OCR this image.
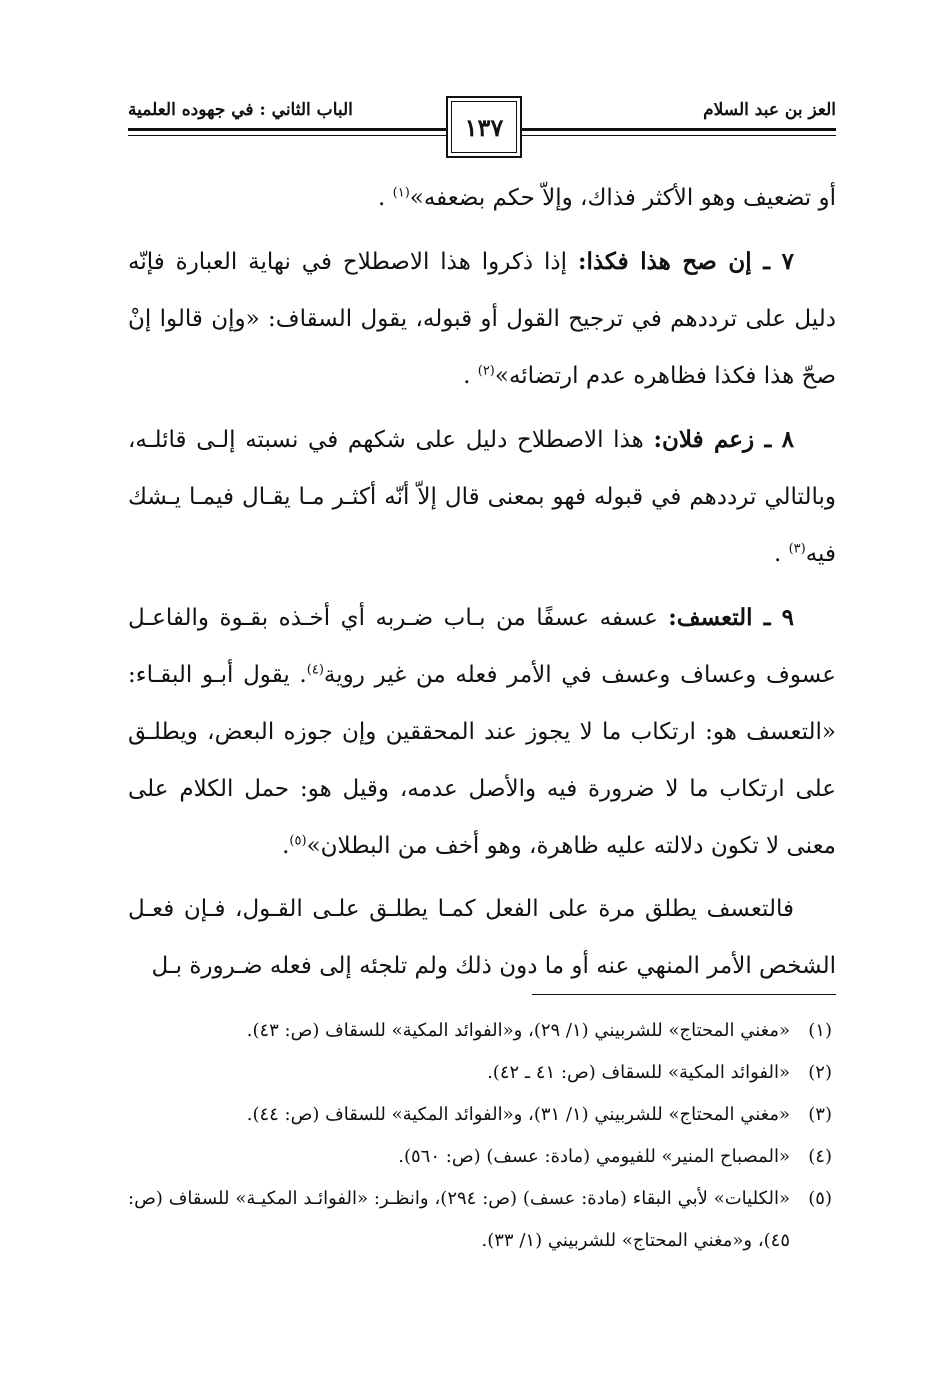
العز بن عبد السلام
الباب الثاني : في جهوده العلمية
١٣٧

أو تضعيف وهو الأكثر فذاك، وإلاّ حكم بضعفه»$^{(١)}$ .

٧ ـ إن صح هذا فكذا: إذا ذكروا هذا الاصطلاح في نهاية العبارة فإنّه دليل على ترددهم في ترجيح القول أو قبوله، يقول السقاف: «وإن قالوا إنْ صحّ هذا فكذا فظاهره عدم ارتضائه»$^{(٢)}$ .

٨ ـ زعم فلان: هذا الاصطلاح دليل على شكهم في نسبته إلـى قائلـه، وبالتالي ترددهم في قبوله فهو بمعنى قال إلاّ أنّه أكثـر مـا يقـال فيمـا يـشك فيه$^{(٣)}$ .

٩ ـ التعسف: عسفه عسفًا من بـاب ضـربه أي أخـذه بقـوة والفاعـل عسوف وعساف وعسف في الأمر فعله من غير روية$^{(٤)}$. يقول أبـو البقـاء: «التعسف هو: ارتكاب ما لا يجوز عند المحققين وإن جوزه البعض، ويطلـق على ارتكاب ما لا ضرورة فيه والأصل عدمه، وقيل هو: حمل الكلام على معنى لا تكون دلالته عليه ظاهرة، وهو أخف من البطلان»$^{(٥)}$.

فالتعسف يطلق مرة على الفعل كمـا يطلـق علـى القـول، فـإن فعـل الشخص الأمر المنهي عنه أو ما دون ذلك ولم تلجئه إلى فعله ضـرورة بـل

(١)
«مغني المحتاج» للشربيني (١/ ٢٩)، و«الفوائد المكية» للسقاف (ص: ٤٣).
(٢)
«الفوائد المكية» للسقاف (ص: ٤١ ـ ٤٢).
(٣)
«مغني المحتاج» للشربيني (١/ ٣١)، و«الفوائد المكية» للسقاف (ص: ٤٤).
(٤)
«المصباح المنير» للفيومي (مادة: عسف) (ص: ٥٦٠).
(٥)
«الكليات» لأبي البقاء (مادة: عسف) (ص: ٢٩٤)، وانظـر: «الفوائـد المكيـة» للسقاف (ص: ٤٥)، و«مغني المحتاج» للشربيني (١/ ٣٣).
